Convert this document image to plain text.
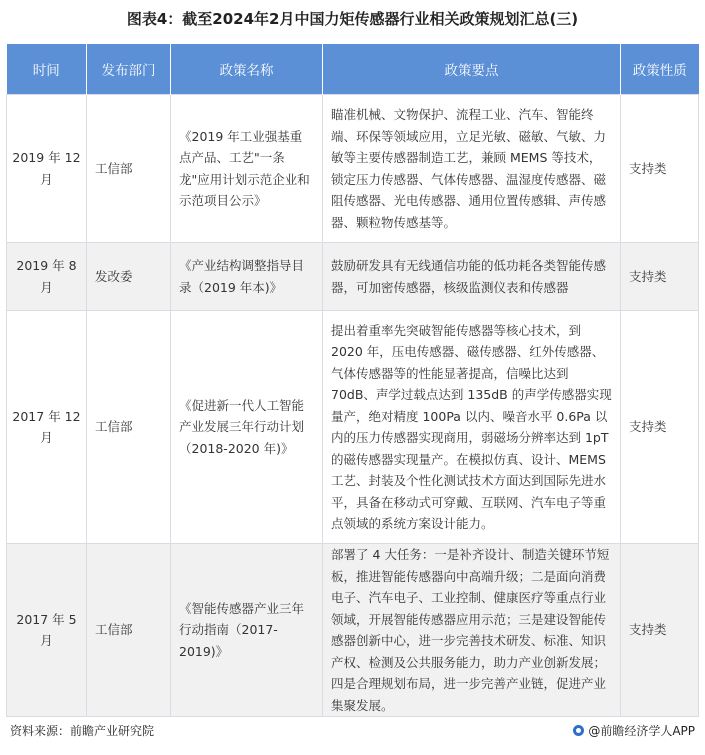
图表4：截至2024年2月中国力矩传感器行业相关政策规划汇总(三)
时间	发布部门	政策名称	政策要点	政策性质
2019 年 12 月	工信部	《2019 年工业强基重点产品、工艺"一条龙"应用计划示范企业和示范项目公示》	瞄准机械、文物保护、流程工业、汽车、智能终端、环保等领域应用，立足光敏、磁敏、气敏、力敏等主要传感器制造工艺，兼顾 MEMS 等技术，锁定压力传感器、气体传感器、温湿度传感器、磁阻传感器、光电传感器、通用位置传感辑、声传感器、颗粒物传感基等。	支持类
2019 年 8 月	发改委	《产业结构调整指导目录（2019 年本)》	鼓励研发具有无线通信功能的低功耗各类智能传感器，可加密传感器，核级监测仪表和传感器	支持类
2017 年 12 月	工信部	《促进新一代人工智能产业发展三年行动计划（2018-2020 年)》	提出着重率先突破智能传感器等核心技术，到 2020 年，压电传感器、磁传感器、红外传感器、气体传感器等的性能显著提高，信噪比达到 70dB、声学过载点达到 135dB 的声学传感器实现量产，绝对精度 100Pa 以内、噪音水平 0.6Pa 以内的压力传感器实现商用，弱磁场分辨率达到 1pT 的磁传感器实现量产。在模拟仿真、设计、MEMS 工艺、封装及个性化测试技术方面达到国际先进水平，具备在移动式可穿戴、互联网、汽车电子等重点领域的系统方案设计能力。	支持类
2017 年 5 月	工信部	《智能传感器产业三年行动指南（2017-2019)》	部署了 4 大任务：一是补齐设计、制造关键环节短板，推进智能传感器向中高端升级；二是面向消费电子、汽车电子、工业控制、健康医疗等重点行业领域，开展智能传感器应用示范；三是建设智能传感器创新中心，进一步完善技术研发、标准、知识产权、检测及公共服务能力，助力产业创新发展；四是合理规划布局，进一步完善产业链，促进产业集聚发展。	支持类
资料来源：前瞻产业研究院	@前瞻经济学人APP
